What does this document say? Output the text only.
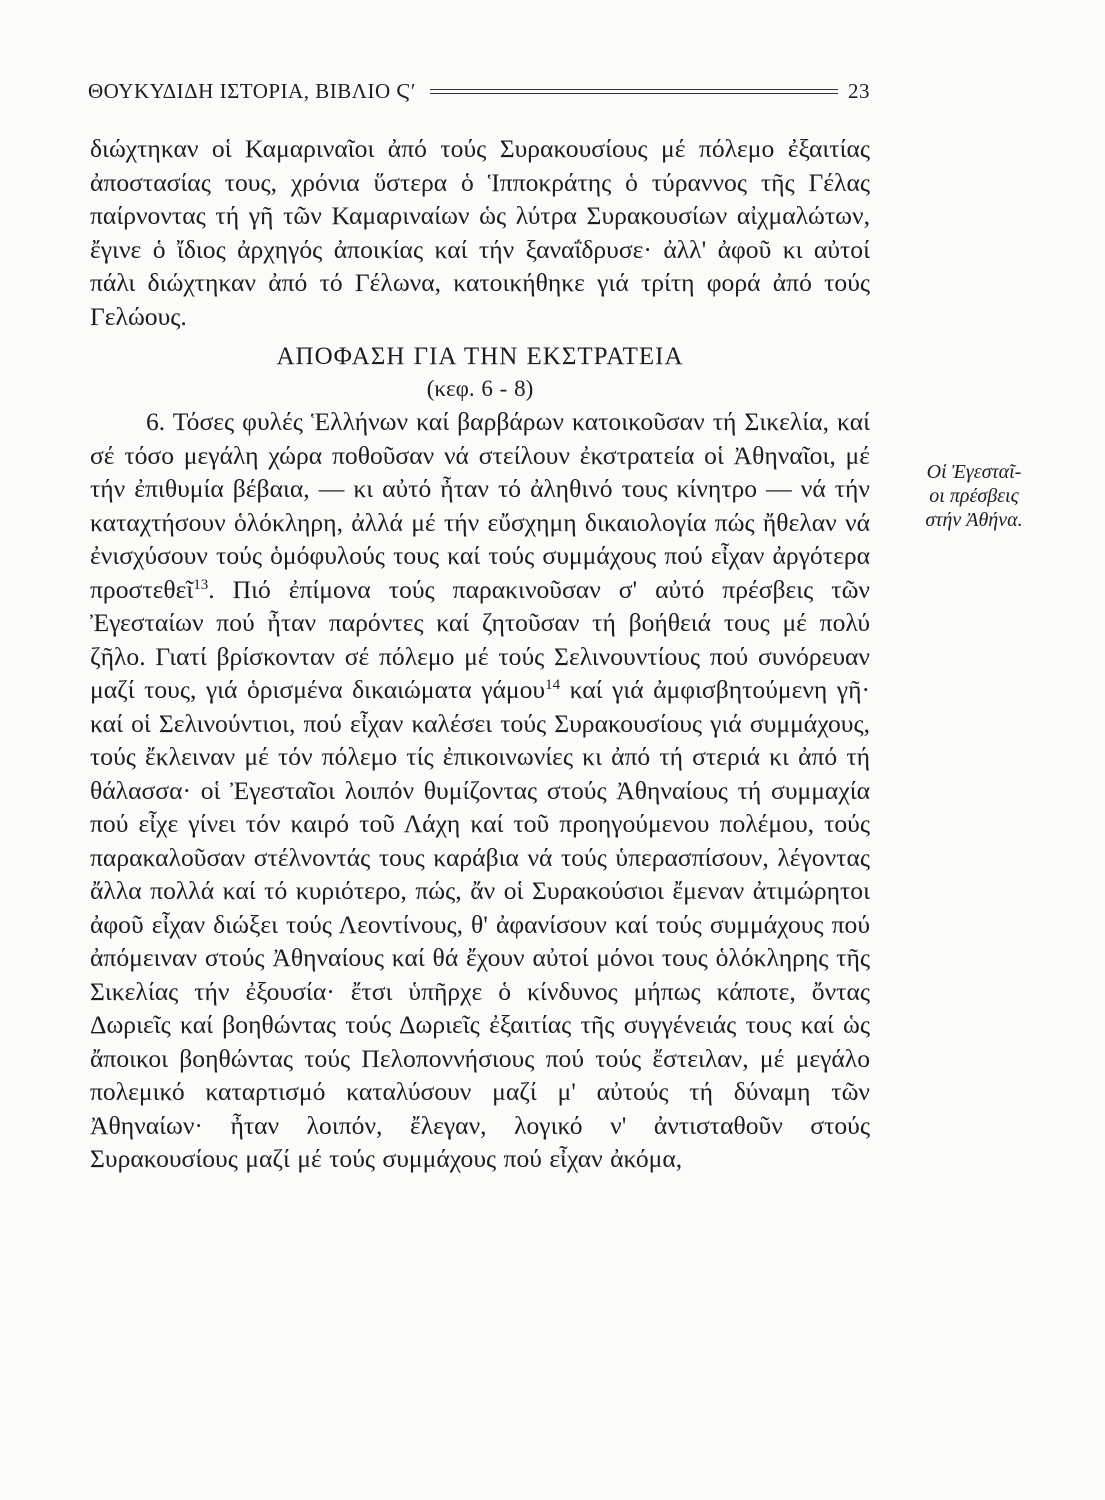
ΘΟΥΚΥΔΙΔΗ ΙΣΤΟΡΙΑ, ΒΙΒΛΙΟ Ϛʹ	23

διώχτηκαν οἱ Καμαριναῖοι ἀπό τούς Συρακουσίους μέ πόλεμο ἐξαιτίας ἀποστασίας τους, χρόνια ὕστερα ὁ Ἱπποκράτης ὁ τύραννος τῆς Γέλας παίρνοντας τή γῆ τῶν Καμαριναίων ὡς λύτρα Συρακουσίων αἰχμαλώτων, ἔγινε ὁ ἴδιος ἀρχηγός ἀποικίας καί τήν ξαναΐδρυσε· ἀλλ' ἀφοῦ κι αὐτοί πάλι διώχτηκαν ἀπό τό Γέλωνα, κατοικήθηκε γιά τρίτη φορά ἀπό τούς Γελώους.

ΑΠΟΦΑΣΗ ΓΙΑ ΤΗΝ ΕΚΣΤΡΑΤΕΙΑ
(κεφ. 6 - 8)

6. Τόσες φυλές Ἑλλήνων καί βαρβάρων κατοικοῦσαν τή Σικελία, καί σέ τόσο μεγάλη χώρα ποθοῦσαν νά στείλουν ἐκστρατεία οἱ Ἀθηναῖοι, μέ τήν ἐπιθυμία βέβαια, — κι αὐτό ἦταν τό ἀληθινό τους κίνητρο — νά τήν καταχτήσουν ὁλόκληρη, ἀλλά μέ τήν εὔσχημη δικαιολογία πώς ἤθελαν νά ἐνισχύσουν τούς ὁμόφυλούς τους καί τούς συμμάχους πού εἶχαν ἀργότερα προστεθεῖ$^{13}$. Πιό ἐπίμονα τούς παρακινοῦσαν σ' αὐτό πρέσβεις τῶν Ἐγεσταίων πού ἦταν παρόντες καί ζητοῦσαν τή βοήθειά τους μέ πολύ ζῆλο. Γιατί βρίσκονταν σέ πόλεμο μέ τούς Σελινουντίους πού συνόρευαν μαζί τους, γιά ὁρισμένα δικαιώματα γάμου$^{14}$ καί γιά ἀμφισβητούμενη γῆ· καί οἱ Σελινούντιοι, πού εἶχαν καλέσει τούς Συρακουσίους γιά συμμάχους, τούς ἔκλειναν μέ τόν πόλεμο τίς ἐπικοινωνίες κι ἀπό τή στεριά κι ἀπό τή θάλασσα· οἱ Ἐγεσταῖοι λοιπόν θυμίζοντας στούς Ἀθηναίους τή συμμαχία πού εἶχε γίνει τόν καιρό τοῦ Λάχη καί τοῦ προηγούμενου πολέμου, τούς παρακαλοῦσαν στέλνοντάς τους καράβια νά τούς ὑπερασπίσουν, λέγοντας ἄλλα πολλά καί τό κυριότερο, πώς, ἄν οἱ Συρακούσιοι ἔμεναν ἀτιμώρητοι ἀφοῦ εἶχαν διώξει τούς Λεοντίνους, θ' ἀφανίσουν καί τούς συμμάχους πού ἀπόμειναν στούς Ἀθηναίους καί θά ἔχουν αὐτοί μόνοι τους ὁλόκληρης τῆς Σικελίας τήν ἐξουσία· ἔτσι ὑπῆρχε ὁ κίνδυνος μήπως κάποτε, ὄντας Δωριεῖς καί βοηθώντας τούς Δωριεῖς ἐξαιτίας τῆς συγγένειάς τους καί ὡς ἄποικοι βοηθώντας τούς Πελοποννήσιους πού τούς ἔστειλαν, μέ μεγάλο πολεμικό καταρτισμό καταλύσουν μαζί μ' αὐτούς τή δύναμη τῶν Ἀθηναίων· ἦταν λοιπόν, ἔλεγαν, λογικό ν' ἀντισταθοῦν στούς Συρακουσίους μαζί μέ τούς συμμάχους πού εἶχαν ἀκόμα,

Οἱ Ἐγεσταῖ-
οι πρέσβεις
στήν Ἀθήνα.
